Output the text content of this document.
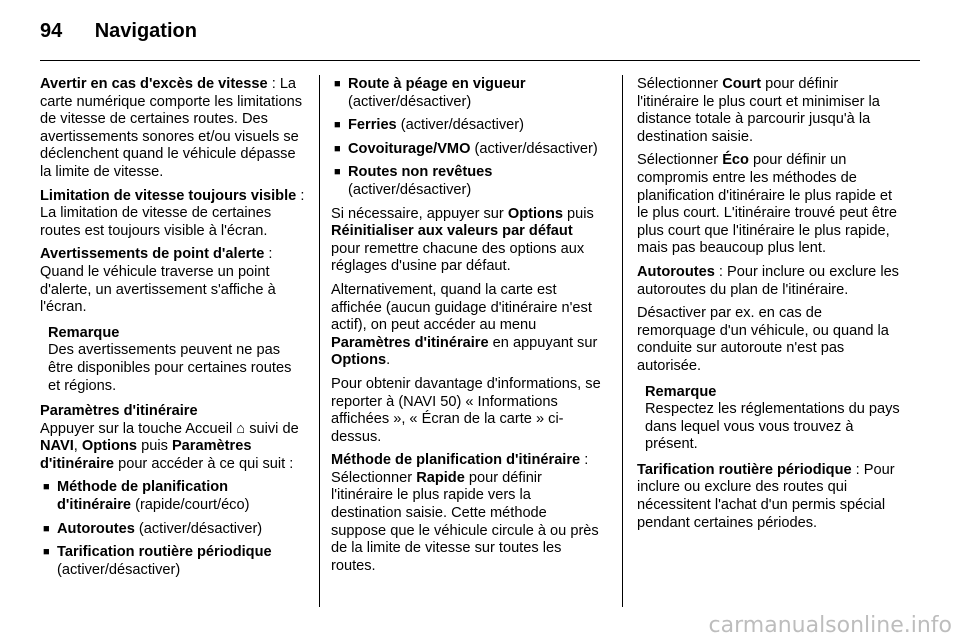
94 Navigation

Avertir en cas d'excès de vitesse : La carte numérique comporte les limitations de vitesse de certaines routes. Des avertissements sonores et/ou visuels se déclenchent quand le véhicule dépasse la limite de vitesse.

Limitation de vitesse toujours visible : La limitation de vitesse de certaines routes est toujours visible à l'écran.

Avertissements de point d'alerte : Quand le véhicule traverse un point d'alerte, un avertissement s'affiche à l'écran.

Remarque
Des avertissements peuvent ne pas être disponibles pour certaines routes et régions.
Paramètres d'itinéraire

Appuyer sur la touche Accueil ⌂ suivi de NAVI, Options puis Paramètres d'itinéraire pour accéder à ce qui suit :

■ Méthode de planification d'itinéraire (rapide/court/éco)
■ Autoroutes (activer/désactiver)
■ Tarification routière périodique (activer/désactiver)
■ Route à péage en vigueur (activer/désactiver)
■ Ferries (activer/désactiver)
■ Covoiturage/VMO (activer/désactiver)
■ Routes non revêtues (activer/désactiver)

Si nécessaire, appuyer sur Options puis Réinitialiser aux valeurs par défaut pour remettre chacune des options aux réglages d'usine par défaut.

Alternativement, quand la carte est affichée (aucun guidage d'itinéraire n'est actif), on peut accéder au menu Paramètres d'itinéraire en appuyant sur Options.

Pour obtenir davantage d'informations, se reporter à (NAVI 50) « Informations affichées », « Écran de la carte » ci-dessus.

Méthode de planification d'itinéraire : Sélectionner Rapide pour définir l'itinéraire le plus rapide vers la destination saisie. Cette méthode suppose que le véhicule circule à ou près de la limite de vitesse sur toutes les routes.

Sélectionner Court pour définir l'itinéraire le plus court et minimiser la distance totale à parcourir jusqu'à la destination saisie.

Sélectionner Éco pour définir un compromis entre les méthodes de planification d'itinéraire le plus rapide et le plus court. L'itinéraire trouvé peut être plus court que l'itinéraire le plus rapide, mais pas beaucoup plus lent.

Autoroutes : Pour inclure ou exclure les autoroutes du plan de l'itinéraire.

Désactiver par ex. en cas de remorquage d'un véhicule, ou quand la conduite sur autoroute n'est pas autorisée.

Remarque
Respectez les réglementations du pays dans lequel vous vous trouvez à présent.

Tarification routière périodique : Pour inclure ou exclure des routes qui nécessitent l'achat d'un permis spécial pendant certaines périodes.

carmanualsonline.info
